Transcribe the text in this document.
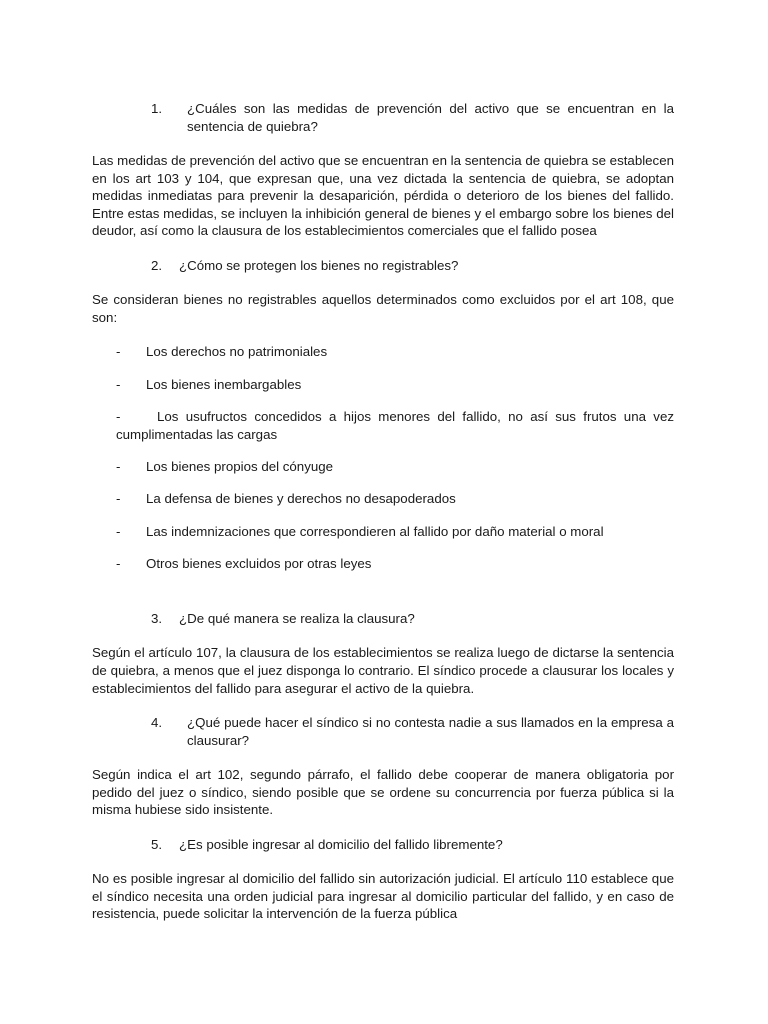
1.	¿Cuáles son las medidas de prevención del activo que se encuentran en la sentencia de quiebra?
Las medidas de prevención del activo que se encuentran en la sentencia de quiebra se establecen en los art 103 y 104, que expresan que, una vez dictada la sentencia de quiebra, se adoptan medidas inmediatas para prevenir la desaparición, pérdida o deterioro de los bienes del fallido. Entre estas medidas, se incluyen la inhibición general de bienes y el embargo sobre los bienes del deudor, así como la clausura de los establecimientos comerciales que el fallido posea
2.	¿Cómo se protegen los bienes no registrables?
Se consideran bienes no registrables aquellos determinados como excluidos por el art 108, que son:
-	Los derechos no patrimoniales
-	Los bienes inembargables
-	Los usufructos concedidos a hijos menores del fallido, no así sus frutos una vez cumplimentadas las cargas
-	Los bienes propios del cónyuge
-	La defensa de bienes y derechos no desapoderados
-	Las indemnizaciones que correspondieren al fallido por daño material o moral
-	Otros bienes excluidos por otras leyes
3.	¿De qué manera se realiza la clausura?
Según el artículo 107, la clausura de los establecimientos se realiza luego de dictarse la sentencia de quiebra, a menos que el juez disponga lo contrario. El síndico procede a clausurar los locales y establecimientos del fallido para asegurar el activo de la quiebra.
4.	¿Qué puede hacer el síndico si no contesta nadie a sus llamados en la empresa a clausurar?
Según indica el art 102, segundo párrafo, el fallido debe cooperar de manera obligatoria por pedido del juez o síndico, siendo posible que se ordene su concurrencia por fuerza pública si la misma hubiese sido insistente.
5.	¿Es posible ingresar al domicilio del fallido libremente?
No es posible ingresar al domicilio del fallido sin autorización judicial. El artículo 110 establece que el síndico necesita una orden judicial para ingresar al domicilio particular del fallido, y en caso de resistencia, puede solicitar la intervención de la fuerza pública
